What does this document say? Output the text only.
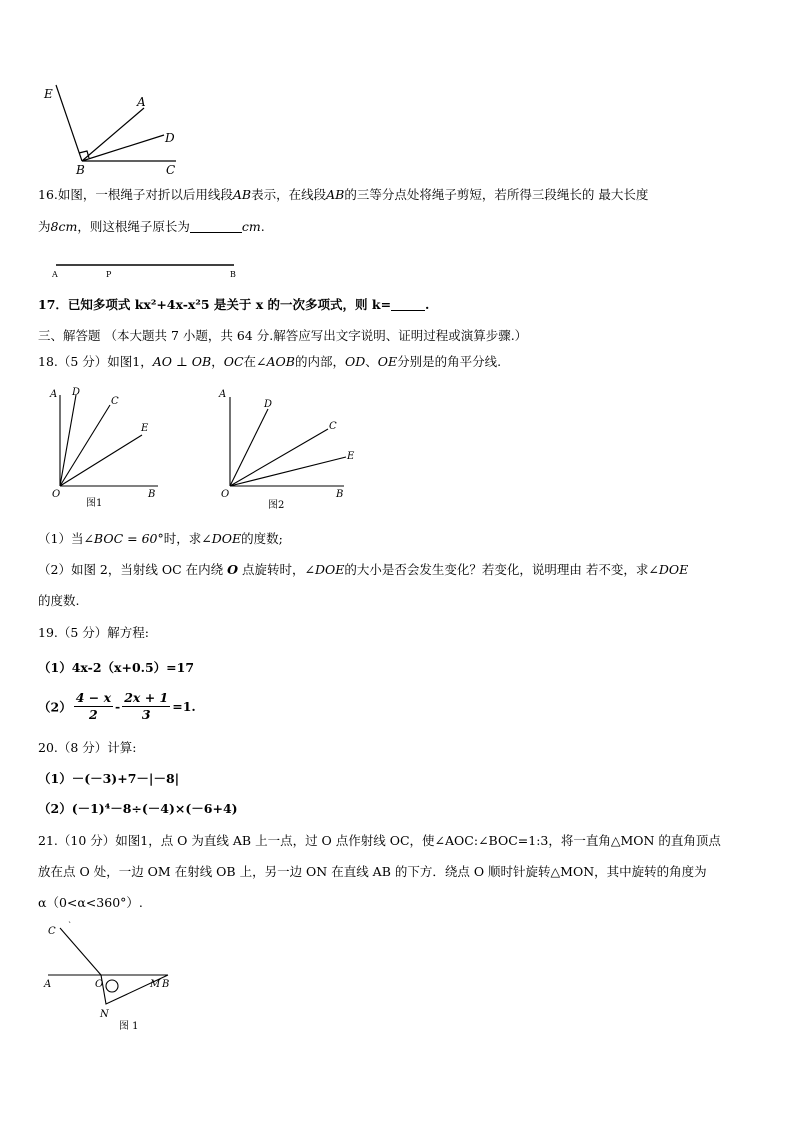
E
A
D
B	C
16.如图，一根绳子对折以后用线段AB表示，在线段AB的三等分点处将绳子剪短，若所得三段绳长的 最大长度
为8cm，则这根绳子原长为	cm.
A	P	B
17．已知多项式 kx²+4x-x²5 是关于 x 的一次多项式，则 k=	.
三、解答题 （本大题共 7 小题，共 64 分.解答应写出文字说明、证明过程或演算步骤.）
18.（5 分）如图1，AO ⊥ OB，OC在∠AOB的内部，OD、OE分别是的角平分线.
A D
C
E
O	B
图1
A
D
C
E
O	B
图2
（1）当∠BOC = 60°时，求∠DOE的度数;
（2）如图 2，当射线 OC 在内绕 O 点旋转时，∠DOE的大小是否会发生变化？若变化，说明理由 若不变，求∠DOE
的度数.
19.（5 分）解方程:
（1）4x-2（x+0.5）=17
$(2) \frac{4 - x}{2} - \frac{2x + 1}{3} =1$.
20.（8 分）计算:
（1）－(－3)+7－|－8|
（2）(－1)⁴－8÷(－4)×(－6+4)
21.（10 分）如图1，点 O 为直线 AB 上一点，过 O 点作射线 OC，使∠AOC:∠BOC=1:3，将一直角△MON 的直角顶点
放在点 O 处，一边 OM 在射线 OB 上，另一边 ON 在直线 AB 的下方．绕点 O 顺时针旋转△MON，其中旋转的角度为
α（0<α<360°）.
`
C
A	O	M B
N
图 1
